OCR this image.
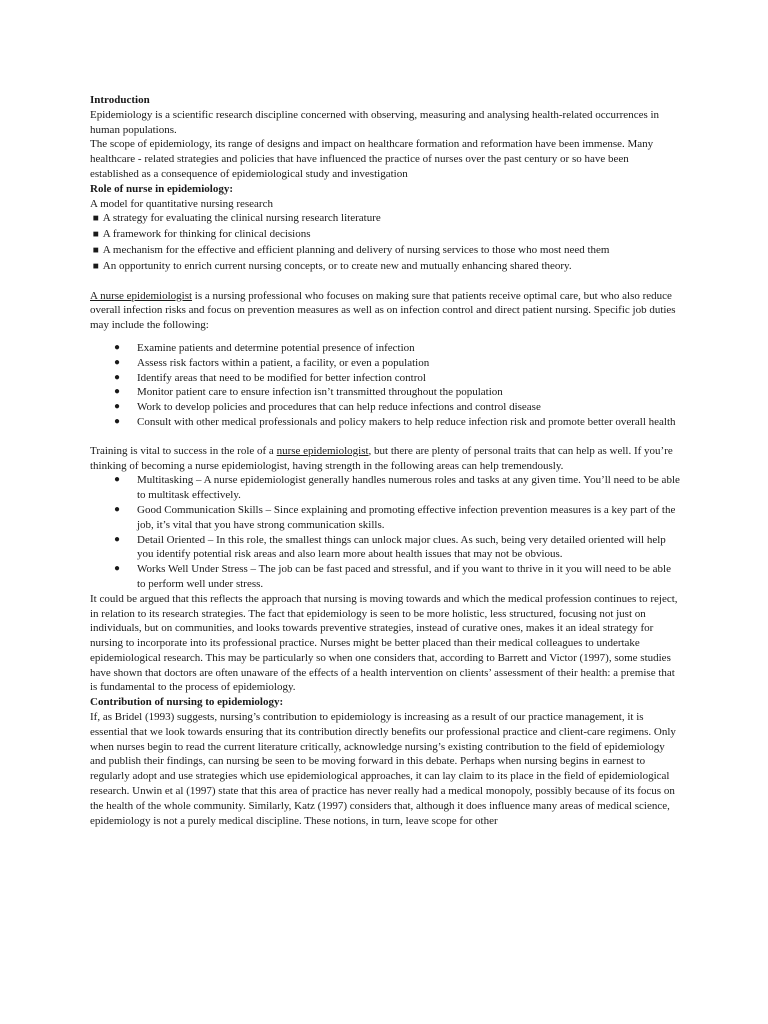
Introduction

Epidemiology is a scientific research discipline concerned with observing, measuring and analysing health-related occurrences in human populations.

The scope of epidemiology, its range of designs and impact on healthcare formation and reformation have been immense. Many healthcare - related strategies and policies that have influenced the practice of nurses over the past century or so have been established as a consequence of epidemiological study and investigation

Role of nurse in epidemiology:

A model for quantitative nursing research

■ A strategy for evaluating the clinical nursing research literature

■ A framework for thinking for clinical decisions

■ A mechanism for the effective and efficient planning and delivery of nursing services to those who most need them

■ An opportunity to enrich current nursing concepts, or to create new and mutually enhancing shared theory.

A nurse epidemiologist is a nursing professional who focuses on making sure that patients receive optimal care, but who also reduce overall infection risks and focus on prevention measures as well as on infection control and direct patient nursing. Specific job duties may include the following:

● Examine patients and determine potential presence of infection
● Assess risk factors within a patient, a facility, or even a population
● Identify areas that need to be modified for better infection control
● Monitor patient care to ensure infection isn’t transmitted throughout the population
● Work to develop policies and procedures that can help reduce infections and control disease
● Consult with other medical professionals and policy makers to help reduce infection risk and promote better overall health

Training is vital to success in the role of a nurse epidemiologist, but there are plenty of personal traits that can help as well. If you’re thinking of becoming a nurse epidemiologist, having strength in the following areas can help tremendously.

● Multitasking – A nurse epidemiologist generally handles numerous roles and tasks at any given time. You’ll need to be able to multitask effectively.
● Good Communication Skills – Since explaining and promoting effective infection prevention measures is a key part of the job, it’s vital that you have strong communication skills.
● Detail Oriented – In this role, the smallest things can unlock major clues. As such, being very detailed oriented will help you identify potential risk areas and also learn more about health issues that may not be obvious.
● Works Well Under Stress – The job can be fast paced and stressful, and if you want to thrive in it you will need to be able to perform well under stress.

It could be argued that this reflects the approach that nursing is moving towards and which the medical profession continues to reject, in relation to its research strategies. The fact that epidemiology is seen to be more holistic, less structured, focusing not just on individuals, but on communities, and looks towards preventive strategies, instead of curative ones, makes it an ideal strategy for nursing to incorporate into its professional practice. Nurses might be better placed than their medical colleagues to undertake epidemiological research. This may be particularly so when one considers that, according to Barrett and Victor (1997), some studies have shown that doctors are often unaware of the effects of a health intervention on clients’ assessment of their health: a premise that is fundamental to the process of epidemiology.

Contribution of nursing to epidemiology:

If, as Bridel (1993) suggests, nursing’s contribution to epidemiology is increasing as a result of our practice management, it is essential that we look towards ensuring that its contribution directly benefits our professional practice and client-care regimens. Only when nurses begin to read the current literature critically, acknowledge nursing’s existing contribution to the field of epidemiology and publish their findings, can nursing be seen to be moving forward in this debate. Perhaps when nursing begins in earnest to regularly adopt and use strategies which use epidemiological approaches, it can lay claim to its place in the field of epidemiological research. Unwin et al (1997) state that this area of practice has never really had a medical monopoly, possibly because of its focus on the health of the whole community. Similarly, Katz (1997) considers that, although it does influence many areas of medical science, epidemiology is not a purely medical discipline. These notions, in turn, leave scope for other
